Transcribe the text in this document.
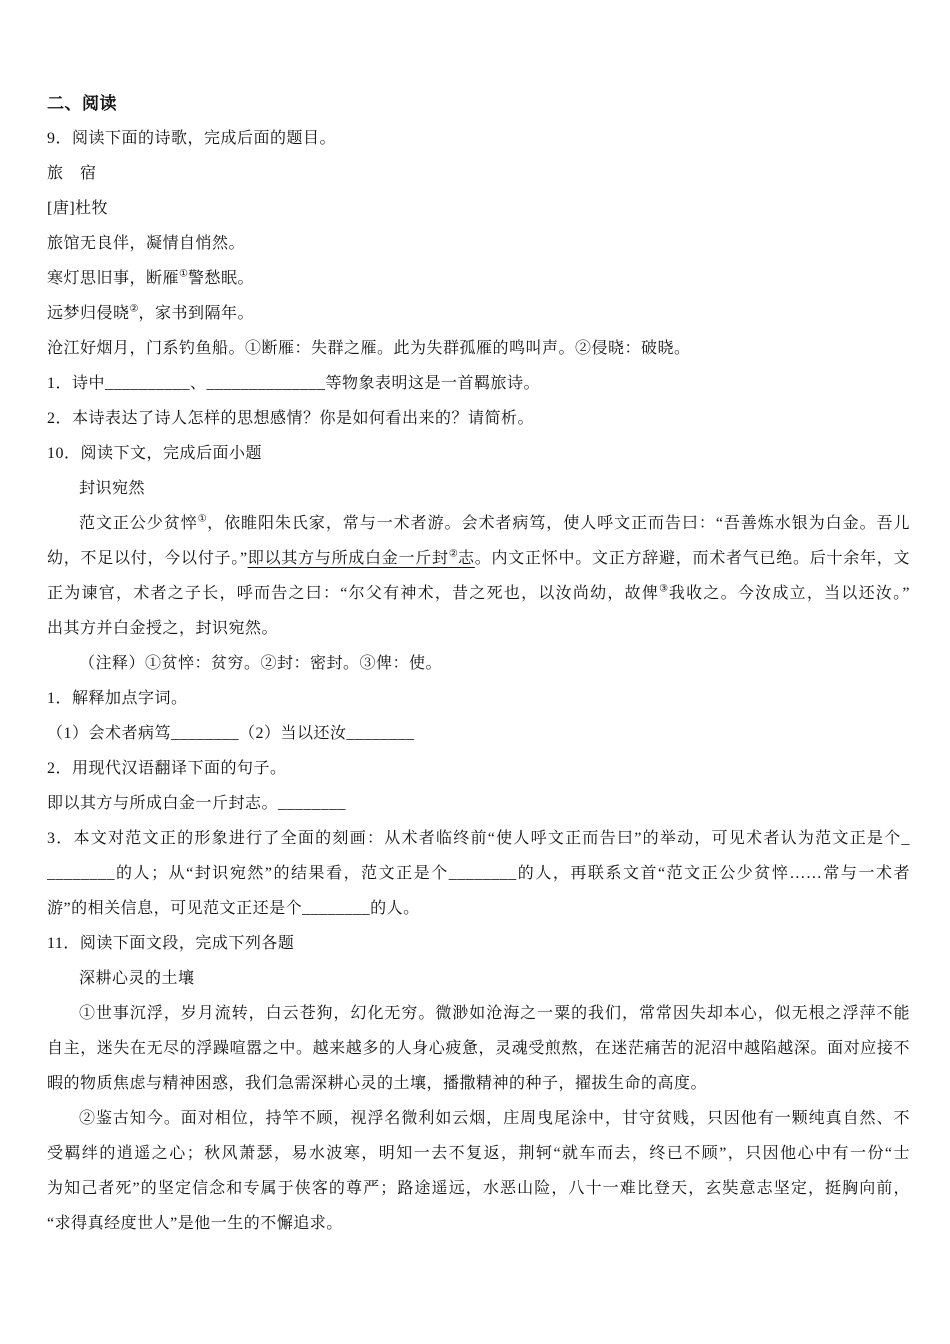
二、阅读

9．阅读下面的诗歌，完成后面的题目。

旅　宿

[唐]杜牧

旅馆无良伴，凝情自悄然。

寒灯思旧事，断雁①警愁眠。

远梦归侵晓②，家书到隔年。

沧江好烟月，门系钓鱼船。①断雁：失群之雁。此为失群孤雁的鸣叫声。②侵晓：破晓。

1．诗中__________、______________等物象表明这是一首羁旅诗。

2．本诗表达了诗人怎样的思想感情？你是如何看出来的？请简析。

10．阅读下文，完成后面小题

封识宛然

范文正公少贫悴①，依睢阳朱氏家，常与一术者游。会术者病笃，使人呼文正而告曰：“吾善炼水银为白金。吾儿

幼，不足以付，今以付子。”即以其方与所成白金一斤封②志。内文正怀中。文正方辞避，而术者气已绝。后十余年，文

正为谏官，术者之子长，呼而告之曰：“尔父有神术，昔之死也，以汝尚幼，故俾③我收之。今汝成立，当以还汝。”

出其方并白金授之，封识宛然。

（注释）①贫悴：贫穷。②封：密封。③俾：使。

1．解释加点字词。

（1）会术者病笃________（2）当以还汝________

2．用现代汉语翻译下面的句子。

即以其方与所成白金一斤封志。________

3．本文对范文正的形象进行了全面的刻画：从术者临终前“使人呼文正而告曰”的举动，可见术者认为范文正是个_

________的人；从“封识宛然”的结果看，范文正是个________的人，再联系文首“范文正公少贫悴……常与一术者

游”的相关信息，可见范文正还是个________的人。

11．阅读下面文段，完成下列各题

深耕心灵的土壤

①世事沉浮，岁月流转，白云苍狗，幻化无穷。微渺如沧海之一粟的我们，常常因失却本心，似无根之浮萍不能

自主，迷失在无尽的浮躁喧嚣之中。越来越多的人身心疲惫，灵魂受煎熬，在迷茫痛苦的泥沼中越陷越深。面对应接不

暇的物质焦虑与精神困惑，我们急需深耕心灵的土壤，播撒精神的种子，擢拔生命的高度。

②鉴古知今。面对相位，持竿不顾，视浮名微利如云烟，庄周曳尾涂中，甘守贫贱，只因他有一颗纯真自然、不

受羁绊的逍遥之心；秋风萧瑟，易水波寒，明知一去不复返，荆轲“就车而去，终已不顾”，只因他心中有一份“士

为知己者死”的坚定信念和专属于侠客的尊严；路途遥远，水恶山险，八十一难比登天，玄奘意志坚定，挺胸向前，

“求得真经度世人”是他一生的不懈追求。
